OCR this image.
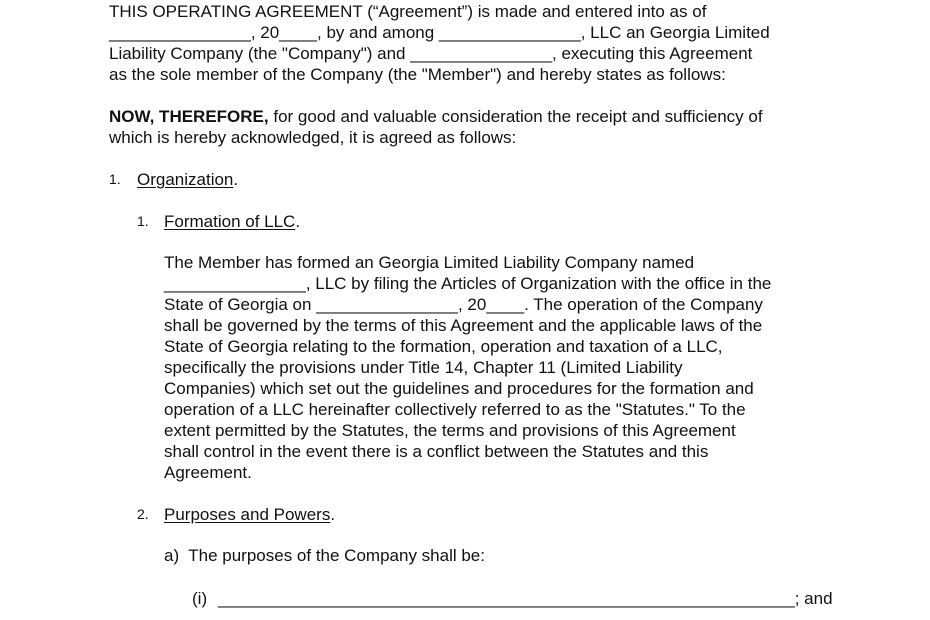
THIS OPERATING AGREEMENT (“Agreement”) is made and entered into as of
_______________, 20____, by and among _______________, LLC an Georgia Limited
Liability Company (the "Company") and _______________, executing this Agreement
as the sole member of the Company (the "Member") and hereby states as follows:
NOW, THEREFORE, for good and valuable consideration the receipt and sufficiency of
which is hereby acknowledged, it is agreed as follows:
1. Organization.
1. Formation of LLC.
The Member has formed an Georgia Limited Liability Company named
_______________, LLC by filing the Articles of Organization with the office in the
State of Georgia on _______________, 20____. The operation of the Company
shall be governed by the terms of this Agreement and the applicable laws of the
State of Georgia relating to the formation, operation and taxation of a LLC,
specifically the provisions under Title 14, Chapter 11 (Limited Liability
Companies) which set out the guidelines and procedures for the formation and
operation of a LLC hereinafter collectively referred to as the "Statutes." To the
extent permitted by the Statutes, the terms and provisions of this Agreement
shall control in the event there is a conflict between the Statutes and this
Agreement.
2. Purposes and Powers.
a)  The purposes of the Company shall be:
(i) _____________________________________________________________; and
